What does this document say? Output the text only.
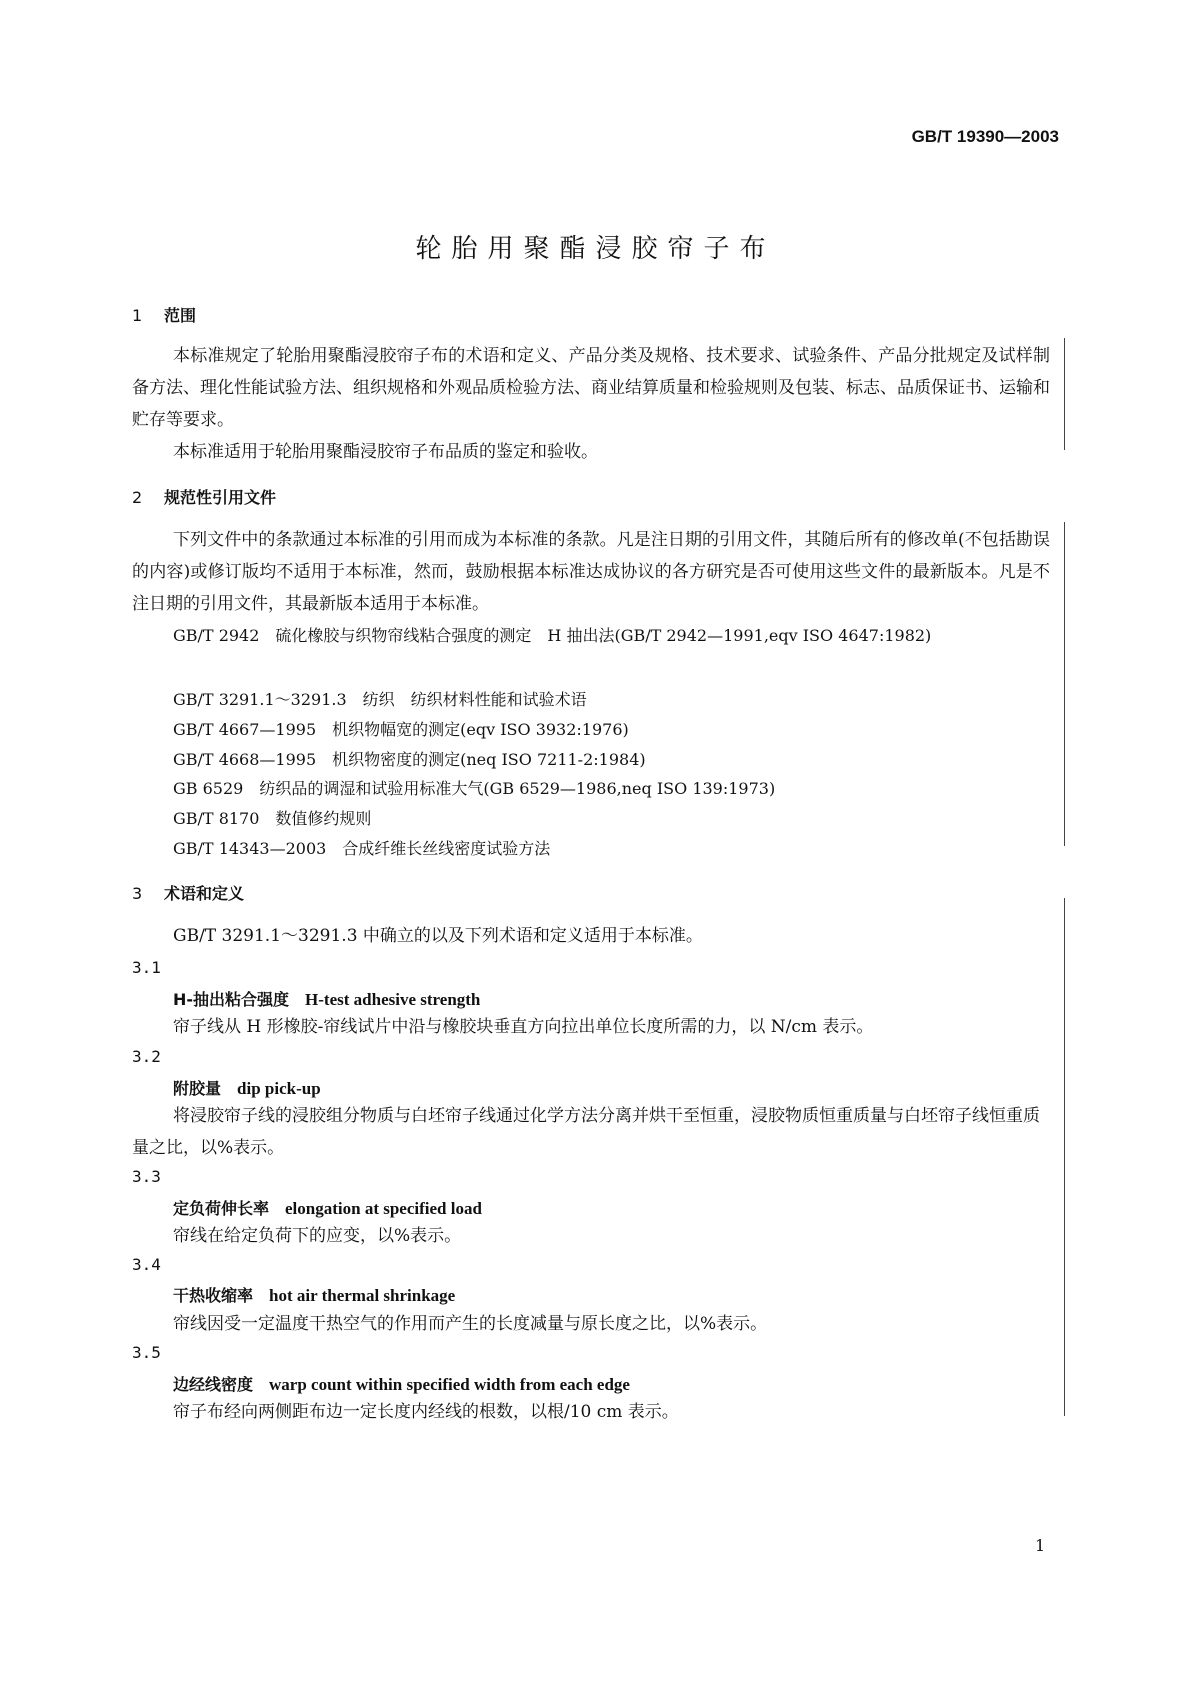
GB/T 19390—2003
轮胎用聚酯浸胶帘子布
1 范围
本标准规定了轮胎用聚酯浸胶帘子布的术语和定义、产品分类及规格、技术要求、试验条件、产品分批规定及试样制备方法、理化性能试验方法、组织规格和外观品质检验方法、商业结算质量和检验规则及包装、标志、品质保证书、运输和贮存等要求。
本标准适用于轮胎用聚酯浸胶帘子布品质的鉴定和验收。
2 规范性引用文件
下列文件中的条款通过本标准的引用而成为本标准的条款。凡是注日期的引用文件，其随后所有的修改单(不包括勘误的内容)或修订版均不适用于本标准，然而，鼓励根据本标准达成协议的各方研究是否可使用这些文件的最新版本。凡是不注日期的引用文件，其最新版本适用于本标准。
GB/T 2942　硫化橡胶与织物帘线粘合强度的测定　H 抽出法(GB/T 2942—1991,eqv ISO 4647:1982)
GB/T 3291.1～3291.3　纺织　纺织材料性能和试验术语
GB/T 4667—1995　机织物幅宽的测定(eqv ISO 3932:1976)
GB/T 4668—1995　机织物密度的测定(neq ISO 7211-2:1984)
GB 6529　纺织品的调湿和试验用标准大气(GB 6529—1986,neq ISO 139:1973)
GB/T 8170　数值修约规则
GB/T 14343—2003　合成纤维长丝线密度试验方法
3 术语和定义
GB/T 3291.1～3291.3 中确立的以及下列术语和定义适用于本标准。
3.1
H-抽出粘合强度 H-test adhesive strength
帘子线从 H 形橡胶-帘线试片中沿与橡胶块垂直方向拉出单位长度所需的力，以 N/cm 表示。
3.2
附胶量 dip pick-up
将浸胶帘子线的浸胶组分物质与白坯帘子线通过化学方法分离并烘干至恒重，浸胶物质恒重质量与白坯帘子线恒重质量之比，以%表示。
3.3
定负荷伸长率 elongation at specified load
帘线在给定负荷下的应变，以%表示。
3.4
干热收缩率 hot air thermal shrinkage
帘线因受一定温度干热空气的作用而产生的长度减量与原长度之比，以%表示。
3.5
边经线密度 warp count within specified width from each edge
帘子布经向两侧距布边一定长度内经线的根数，以根/10 cm 表示。
1
